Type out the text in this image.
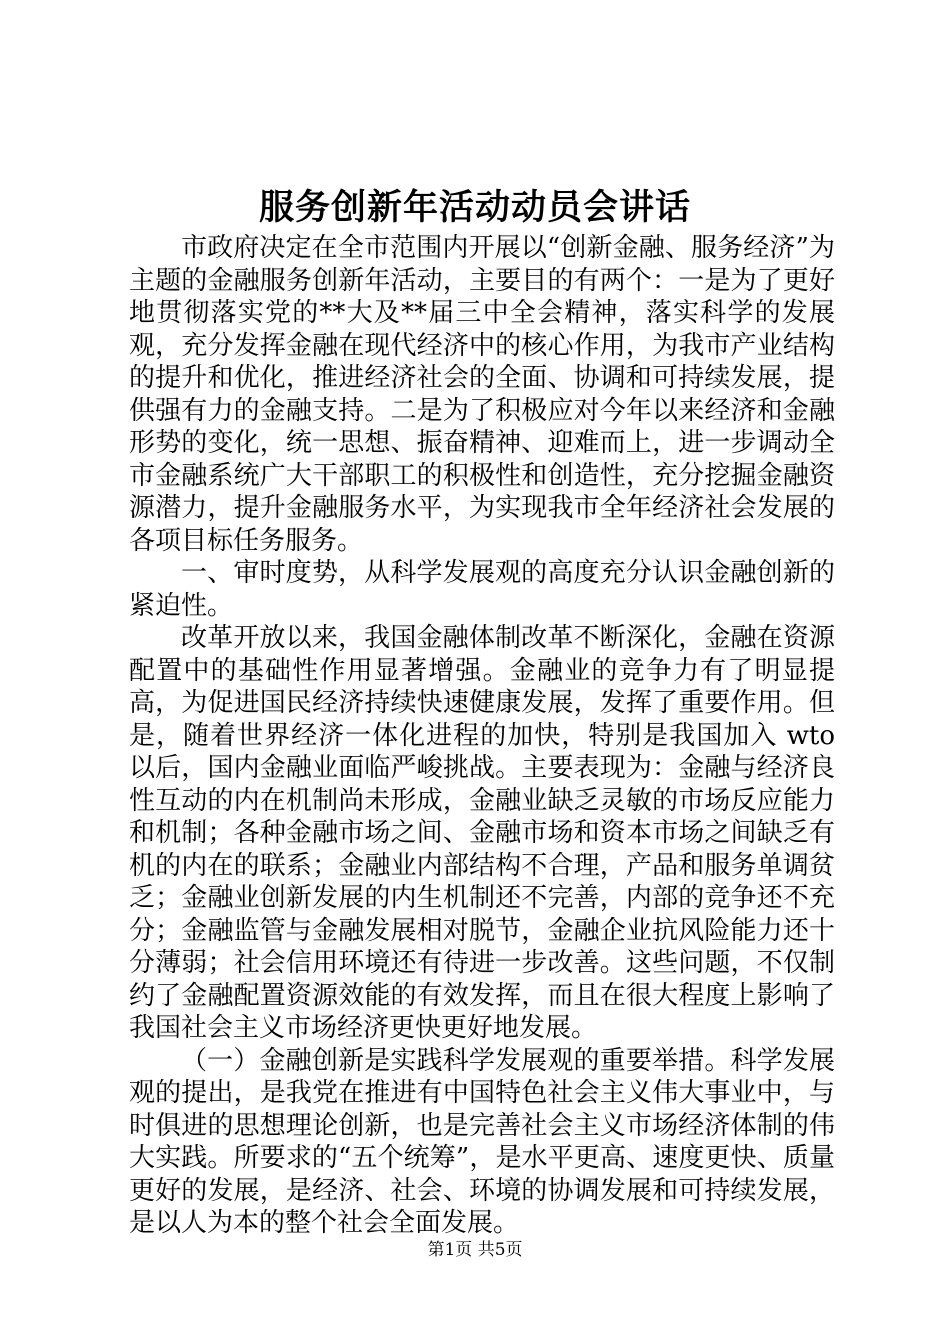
服务创新年活动动员会讲话

市政府决定在全市范围内开展以“创新金融、服务经济”为主题的金融服务创新年活动，主要目的有两个：一是为了更好地贯彻落实党的**大及**届三中全会精神，落实科学的发展观，充分发挥金融在现代经济中的核心作用，为我市产业结构的提升和优化，推进经济社会的全面、协调和可持续发展，提供强有力的金融支持。二是为了积极应对今年以来经济和金融形势的变化，统一思想、振奋精神、迎难而上，进一步调动全市金融系统广大干部职工的积极性和创造性，充分挖掘金融资源潜力，提升金融服务水平，为实现我市全年经济社会发展的各项目标任务服务。

一、审时度势，从科学发展观的高度充分认识金融创新的紧迫性。

改革开放以来，我国金融体制改革不断深化，金融在资源配置中的基础性作用显著增强。金融业的竞争力有了明显提高，为促进国民经济持续快速健康发展，发挥了重要作用。但是，随着世界经济一体化进程的加快，特别是我国加入 wto 以后，国内金融业面临严峻挑战。主要表现为：金融与经济良性互动的内在机制尚未形成，金融业缺乏灵敏的市场反应能力和机制；各种金融市场之间、金融市场和资本市场之间缺乏有机的内在的联系；金融业内部结构不合理，产品和服务单调贫乏；金融业创新发展的内生机制还不完善，内部的竞争还不充分；金融监管与金融发展相对脱节，金融企业抗风险能力还十分薄弱；社会信用环境还有待进一步改善。这些问题，不仅制约了金融配置资源效能的有效发挥，而且在很大程度上影响了我国社会主义市场经济更快更好地发展。

（一）金融创新是实践科学发展观的重要举措。科学发展观的提出，是我党在推进有中国特色社会主义伟大事业中，与时俱进的思想理论创新，也是完善社会主义市场经济体制的伟大实践。所要求的“五个统筹”，是水平更高、速度更快、质量更好的发展，是经济、社会、环境的协调发展和可持续发展，是以人为本的整个社会全面发展。

第1页 共5页
